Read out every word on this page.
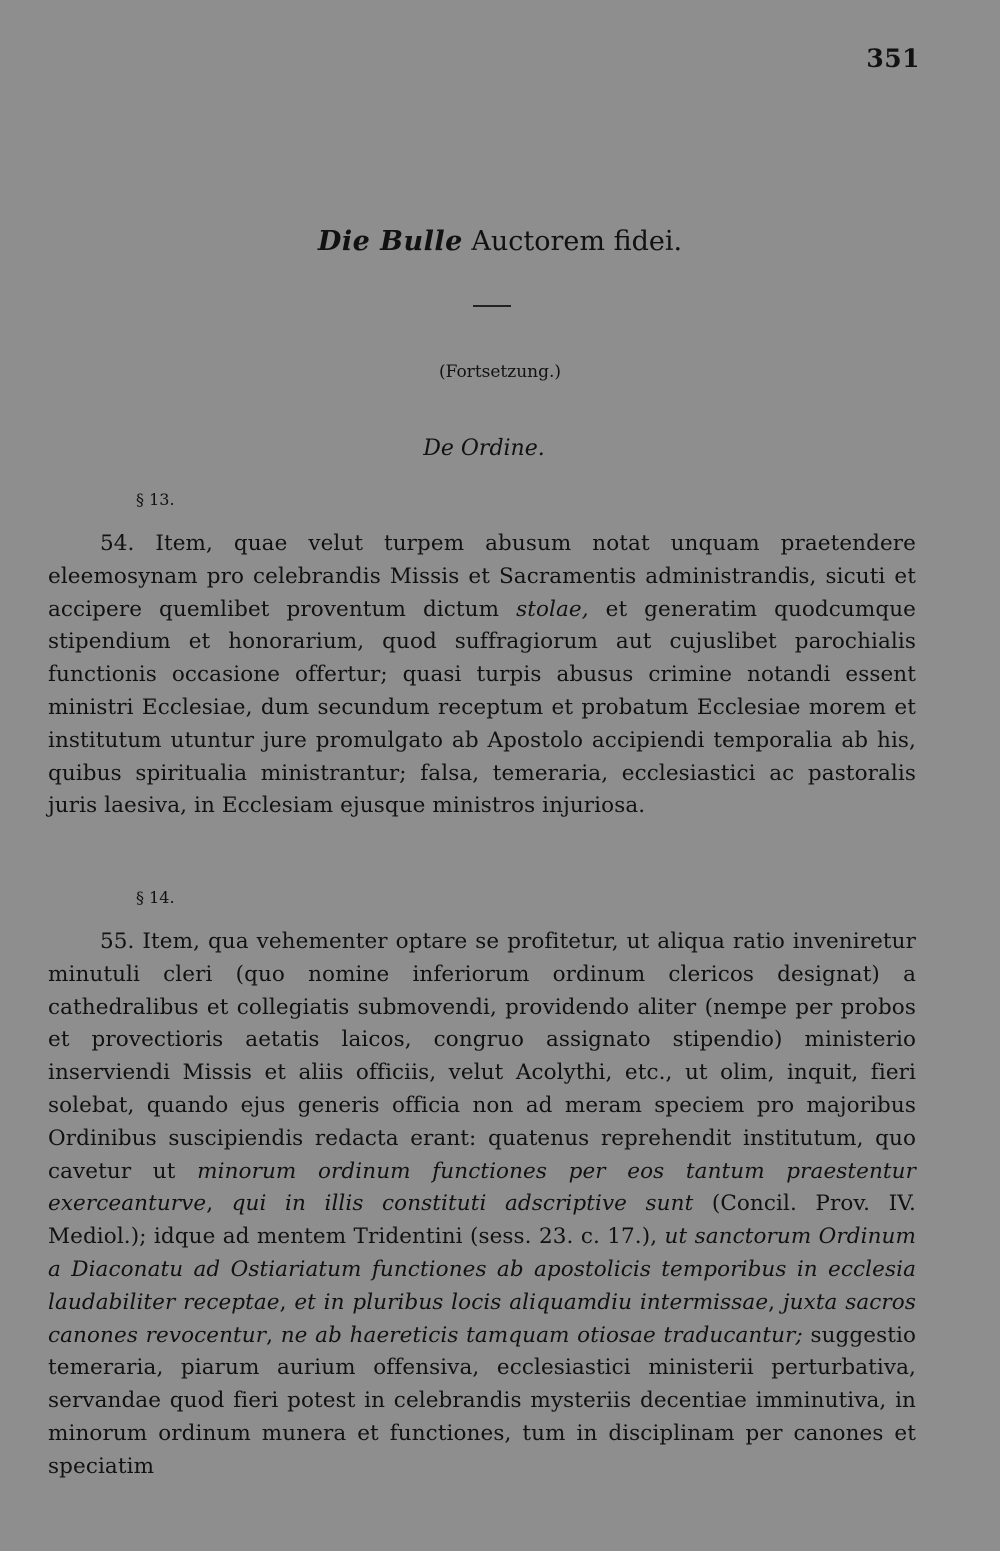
351
Die Bulle Auctorem fidei.
(Fortsetzung.)
De Ordine.
§ 13.
54. Item, quae velut turpem abusum notat unquam praetendere eleemosynam pro celebrandis Missis et Sacramentis administrandis, sicuti et accipere quemlibet proventum dictum stolae, et generatim quodcumque stipendium et honorarium, quod suffragiorum aut cujuslibet parochialis functionis occasione offertur; quasi turpis abusus crimine notandi essent ministri Ecclesiae, dum secundum receptum et probatum Ecclesiae morem et institutum utuntur jure promulgato ab Apostolo accipiendi temporalia ab his, quibus spiritualia ministrantur; falsa, temeraria, ecclesiastici ac pastoralis juris laesiva, in Ecclesiam ejusque ministros injuriosa.
§ 14.
55. Item, qua vehementer optare se profitetur, ut aliqua ratio inveniretur minutuli cleri (quo nomine inferiorum ordinum clericos designat) a cathedralibus et collegiatis submovendi, providendo aliter (nempe per probos et provectioris aetatis laicos, congruo assignato stipendio) ministerio inserviendi Missis et aliis officiis, velut Acolythi, etc., ut olim, inquit, fieri solebat, quando ejus generis officia non ad meram speciem pro majoribus Ordinibus suscipiendis redacta erant: quatenus reprehendit institutum, quo cavetur ut minorum ordinum functiones per eos tantum praestentur exerceanturve, qui in illis constituti adscriptive sunt (Concil. Prov. IV. Mediol.); idque ad mentem Tridentini (sess. 23. c. 17.), ut sanctorum Ordinum a Diaconatu ad Ostiariatum functiones ab apostolicis temporibus in ecclesia laudabiliter receptae, et in pluribus locis aliquamdiu intermissae, juxta sacros canones revocentur, ne ab haereticis tamquam otiosae traducantur; suggestio temeraria, piarum aurium offensiva, ecclesiastici ministerii perturbativa, servandae quod fieri potest in celebrandis mysteriis decentiae imminutiva, in minorum ordinum munera et functiones, tum in disciplinam per canones et speciatim
